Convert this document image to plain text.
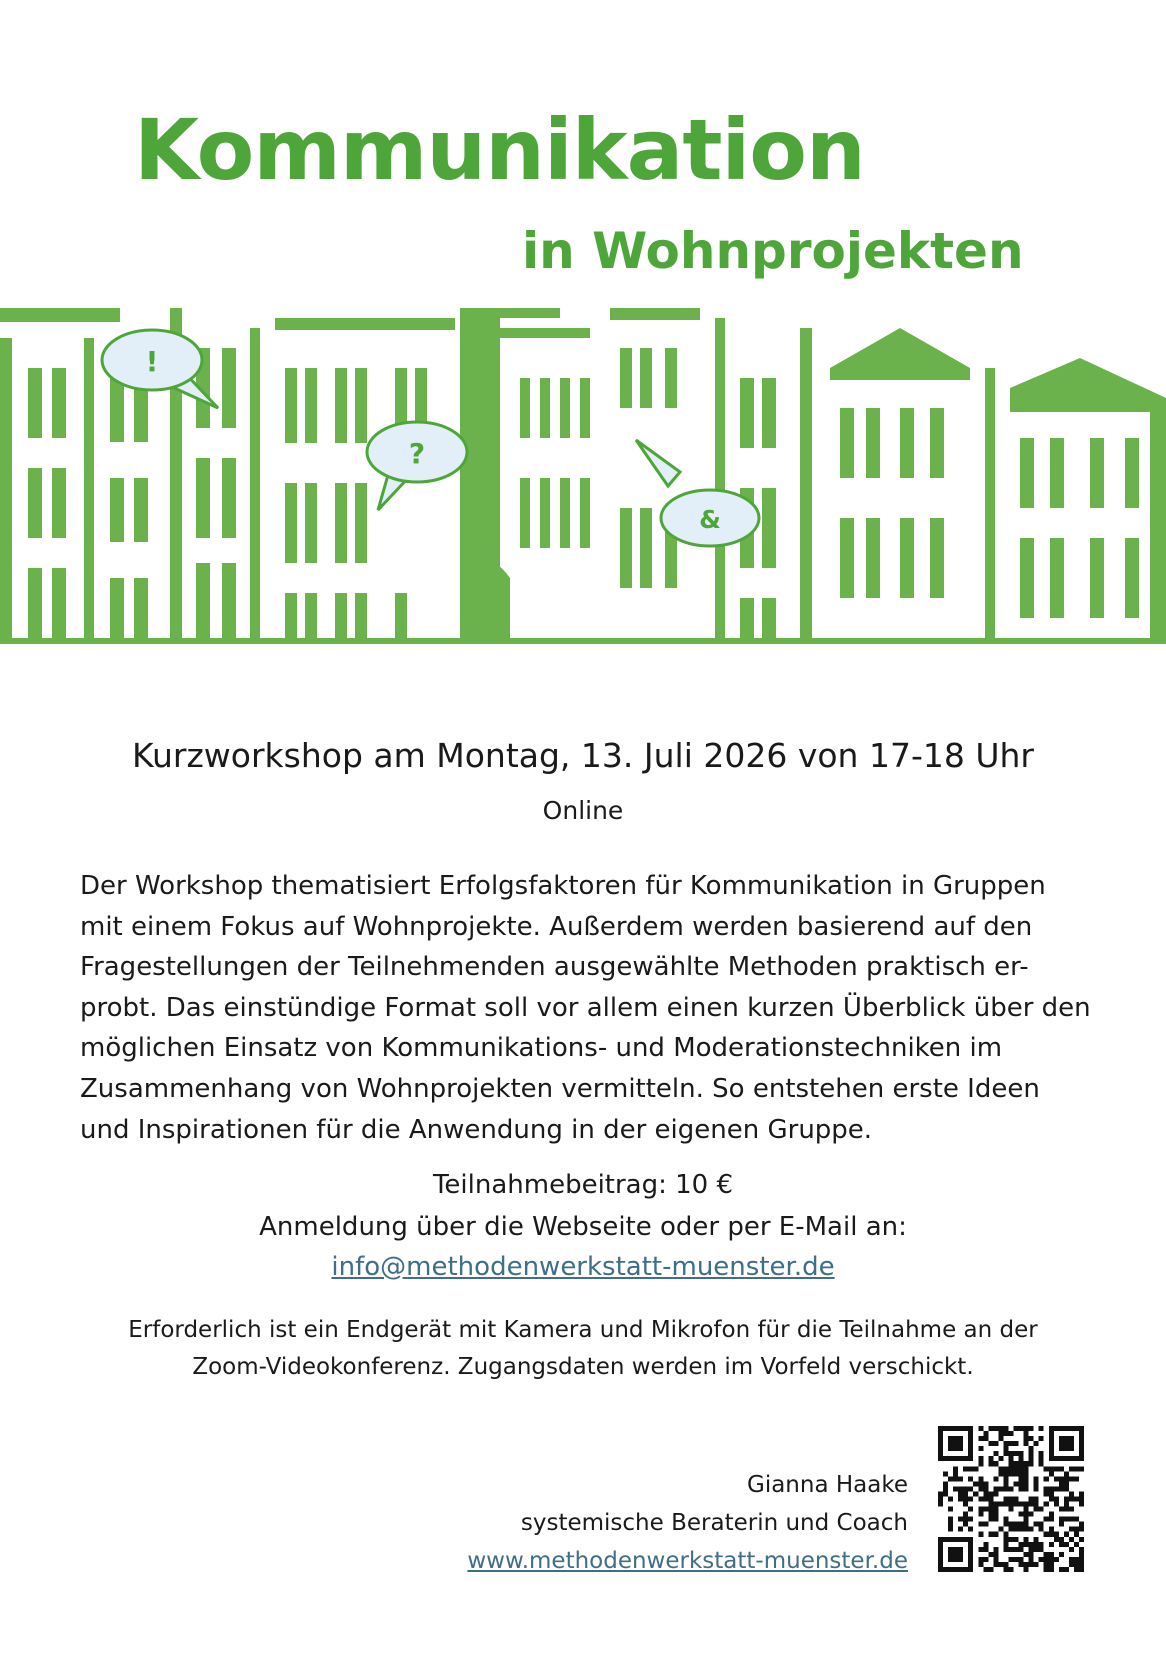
Kommunikation
in Wohnprojekten
!
?
&
Kurzworkshop am Montag, 13. Juli 2026 von 17-18 Uhr
Online

Der Workshop thematisiert Erfolgsfaktoren für Kommunikation in Gruppen mit einem Fokus auf Wohnprojekte. Außerdem werden basierend auf den Fragestellungen der Teilnehmenden ausgewählte Methoden praktisch er-probt. Das einstündige Format soll vor allem einen kurzen Überblick über den möglichen Einsatz von Kommunikations- und Moderationstechniken im Zusammenhang von Wohnprojekten vermitteln. So entstehen erste Ideen und Inspirationen für die Anwendung in der eigenen Gruppe.

Teilnahmebeitrag: 10 €
Anmeldung über die Webseite oder per E-Mail an:
info@methodenwerkstatt-muenster.de
Erforderlich ist ein Endgerät mit Kamera und Mikrofon für die Teilnahme an der
Zoom-Videokonferenz. Zugangsdaten werden im Vorfeld verschickt.
Gianna Haake
systemische Beraterin und Coach
www.methodenwerkstatt-muenster.de
